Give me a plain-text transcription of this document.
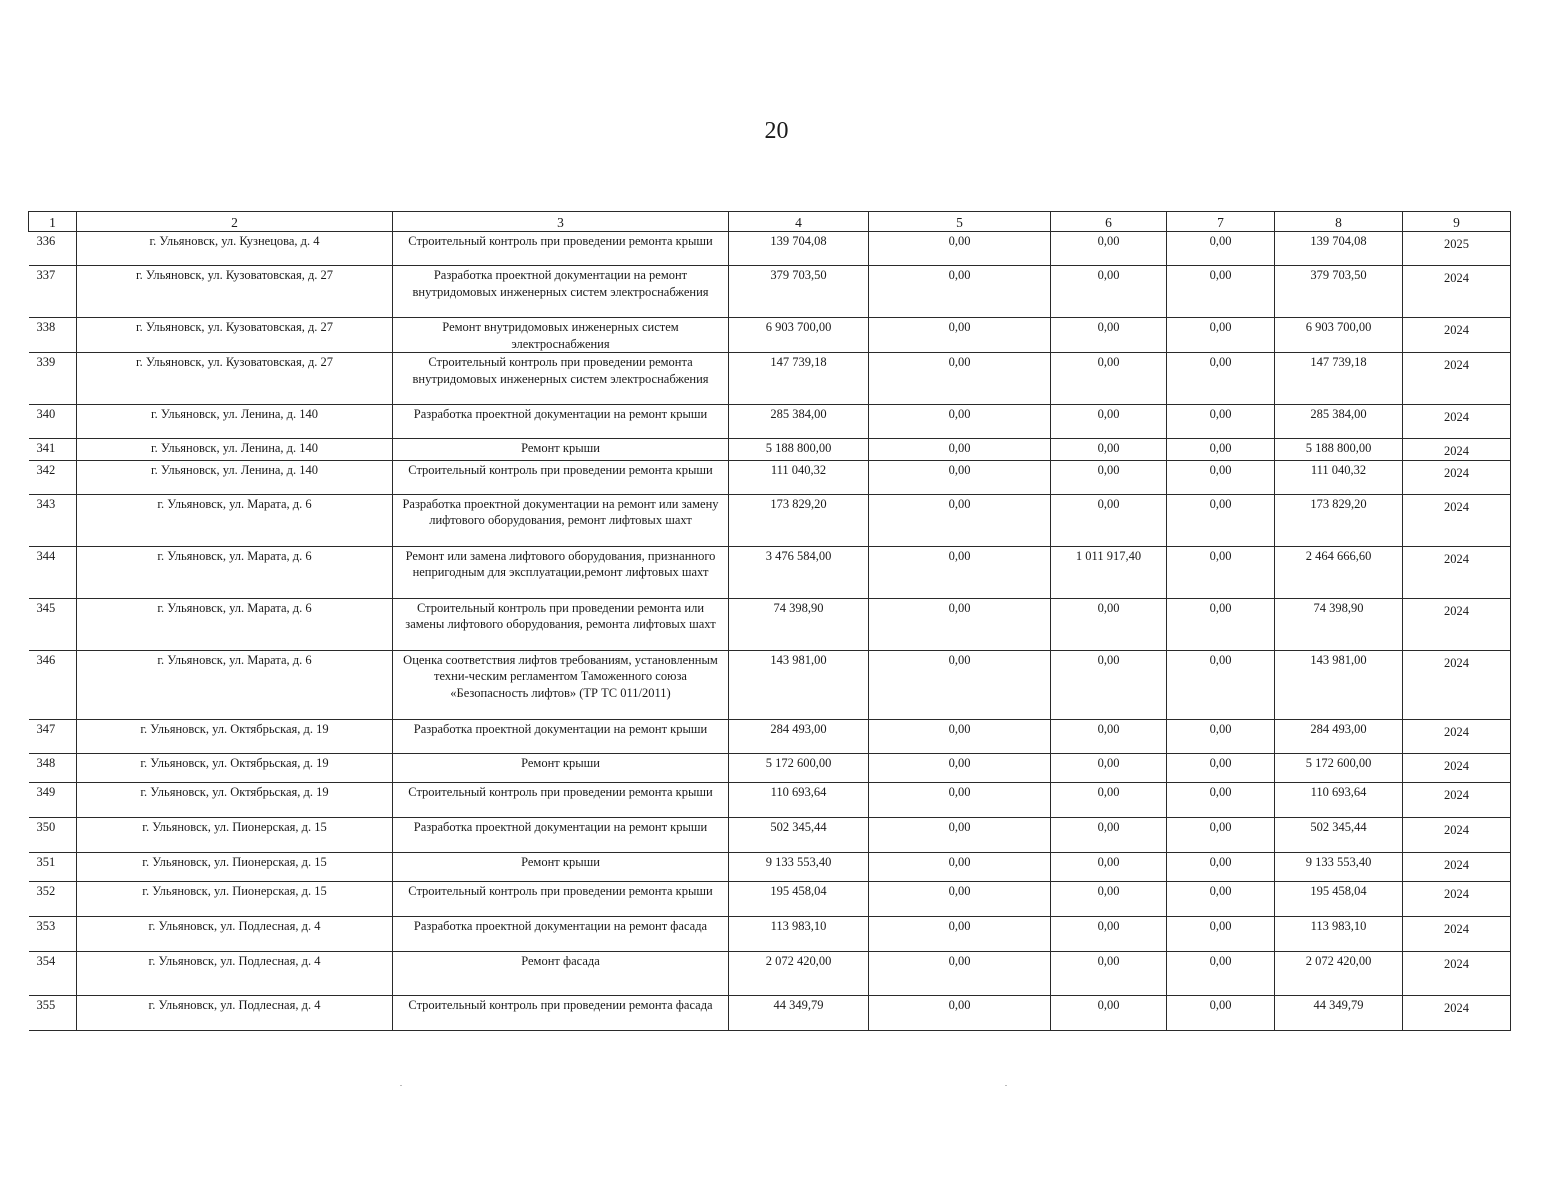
20
1	2	3	4	5	6	7	8	9
336	г. Ульяновск, ул. Кузнецова, д. 4	Строительный контроль при проведении ремонта крыши	139 704,08	0,00	0,00	0,00	139 704,08	2025
337	г. Ульяновск, ул. Кузоватовская, д. 27	Разработка проектной документации на ремонт внутридомовых инженерных систем электроснабжения	379 703,50	0,00	0,00	0,00	379 703,50	2024
338	г. Ульяновск, ул. Кузоватовская, д. 27	Ремонт внутридомовых инженерных систем электроснабжения	6 903 700,00	0,00	0,00	0,00	6 903 700,00	2024
339	г. Ульяновск, ул. Кузоватовская, д. 27	Строительный контроль при проведении ремонта внутридомовых инженерных систем электроснабжения	147 739,18	0,00	0,00	0,00	147 739,18	2024
340	г. Ульяновск, ул. Ленина, д. 140	Разработка проектной документации на ремонт крыши	285 384,00	0,00	0,00	0,00	285 384,00	2024
341	г. Ульяновск, ул. Ленина, д. 140	Ремонт крыши	5 188 800,00	0,00	0,00	0,00	5 188 800,00	2024
342	г. Ульяновск, ул. Ленина, д. 140	Строительный контроль при проведении ремонта крыши	111 040,32	0,00	0,00	0,00	111 040,32	2024
343	г. Ульяновск, ул. Марата, д. 6	Разработка проектной документации на ремонт или замену лифтового оборудования, ремонт лифтовых шахт	173 829,20	0,00	0,00	0,00	173 829,20	2024
344	г. Ульяновск, ул. Марата, д. 6	Ремонт или замена лифтового оборудования, признанного непригодным для эксплуатации,ремонт лифтовых шахт	3 476 584,00	0,00	1 011 917,40	0,00	2 464 666,60	2024
345	г. Ульяновск, ул. Марата, д. 6	Строительный контроль при проведении ремонта или замены лифтового оборудования, ремонта лифтовых шахт	74 398,90	0,00	0,00	0,00	74 398,90	2024
346	г. Ульяновск, ул. Марата, д. 6	Оценка соответствия лифтов требованиям, установленным техни-ческим регламентом Таможенного союза «Безопасность лифтов» (ТР ТС 011/2011)	143 981,00	0,00	0,00	0,00	143 981,00	2024
347	г. Ульяновск, ул. Октябрьская, д. 19	Разработка проектной документации на ремонт крыши	284 493,00	0,00	0,00	0,00	284 493,00	2024
348	г. Ульяновск, ул. Октябрьская, д. 19	Ремонт крыши	5 172 600,00	0,00	0,00	0,00	5 172 600,00	2024
349	г. Ульяновск, ул. Октябрьская, д. 19	Строительный контроль при проведении ремонта крыши	110 693,64	0,00	0,00	0,00	110 693,64	2024
350	г. Ульяновск, ул. Пионерская, д. 15	Разработка проектной документации на ремонт крыши	502 345,44	0,00	0,00	0,00	502 345,44	2024
351	г. Ульяновск, ул. Пионерская, д. 15	Ремонт крыши	9 133 553,40	0,00	0,00	0,00	9 133 553,40	2024
352	г. Ульяновск, ул. Пионерская, д. 15	Строительный контроль при проведении ремонта крыши	195 458,04	0,00	0,00	0,00	195 458,04	2024
353	г. Ульяновск, ул. Подлесная, д. 4	Разработка проектной документации на ремонт фасада	113 983,10	0,00	0,00	0,00	113 983,10	2024
354	г. Ульяновск, ул. Подлесная, д. 4	Ремонт фасада	2 072 420,00	0,00	0,00	0,00	2 072 420,00	2024
355	г. Ульяновск, ул. Подлесная, д. 4	Строительный контроль при проведении ремонта фасада	44 349,79	0,00	0,00	0,00	44 349,79	2024
